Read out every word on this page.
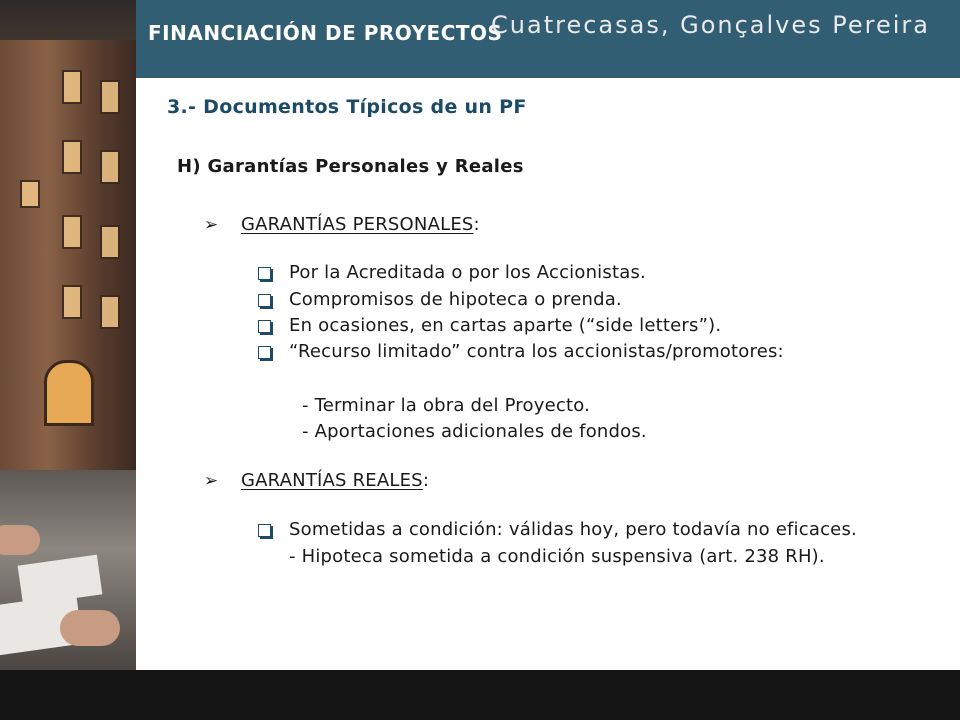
FINANCIACIÓN DE PROYECTOS
3.- Documentos Típicos de un PF
H) Garantías Personales y Reales
➢ GARANTÍAS PERSONALES:
Por la Acreditada o por los Accionistas.
Compromisos de hipoteca o prenda.
En ocasiones, en cartas aparte (“side letters”).
“Recurso limitado” contra los accionistas/promotores:
- Terminar la obra del Proyecto.
- Aportaciones adicionales de fondos.
➢ GARANTÍAS REALES:
Sometidas a condición: válidas hoy, pero todavía no eficaces.
- Hipoteca sometida a condición suspensiva (art. 238 RH).
Cuatrecasas, Gonçalves Pereira
